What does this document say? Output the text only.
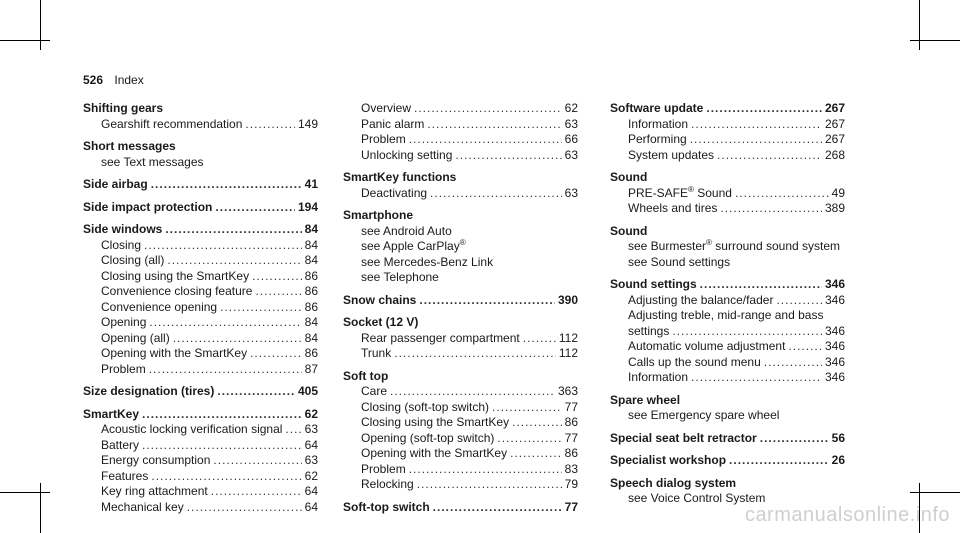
526 Index
Shifting gears
Gearshift recommendation .....	149
Short messages
see Text messages
Side airbag .....	41
Side impact protection .....	194
Side windows .....	84
Closing .....	84
Closing (all) .....	84
Closing using the SmartKey .....	86
Convenience closing feature .....	86
Convenience opening .....	86
Opening .....	84
Opening (all) .....	84
Opening with the SmartKey .....	86
Problem .....	87
Size designation (tires) .....	405
SmartKey .....	62
Acoustic locking verification signal ..... 63
Battery .....	64
Energy consumption .....	63
Features .....	62
Key ring attachment .....	64
Mechanical key .....	64
Overview .....	62
Panic alarm .....	63
Problem .....	66
Unlocking setting .....	63
SmartKey functions
Deactivating .....	63
Smartphone
see Android Auto
see Apple CarPlay®
see Mercedes-Benz Link
see Telephone
Snow chains .....	390
Socket (12 V)
Rear passenger compartment .....	112
Trunk .....	112
Soft top
Care .....	363
Closing (soft-top switch) .....	77
Closing using the SmartKey .....	86
Opening (soft-top switch) .....	77
Opening with the SmartKey .....	86
Problem .....	83
Relocking .....	79
Soft-top switch .....	77
Software update .....	267
Information .....	267
Performing .....	267
System updates .....	268
Sound
PRE-SAFE® Sound .....	49
Wheels and tires .....	389
Sound
see Burmester® surround sound system
see Sound settings
Sound settings .....	346
Adjusting the balance/fader .....	346
Adjusting treble, mid-range and bass
settings .....	346
Automatic volume adjustment .....	346
Calls up the sound menu .....	346
Information .....	346
Spare wheel
see Emergency spare wheel
Special seat belt retractor .....	56
Specialist workshop .....	26
Speech dialog system
see Voice Control System
carmanualsonline.info
